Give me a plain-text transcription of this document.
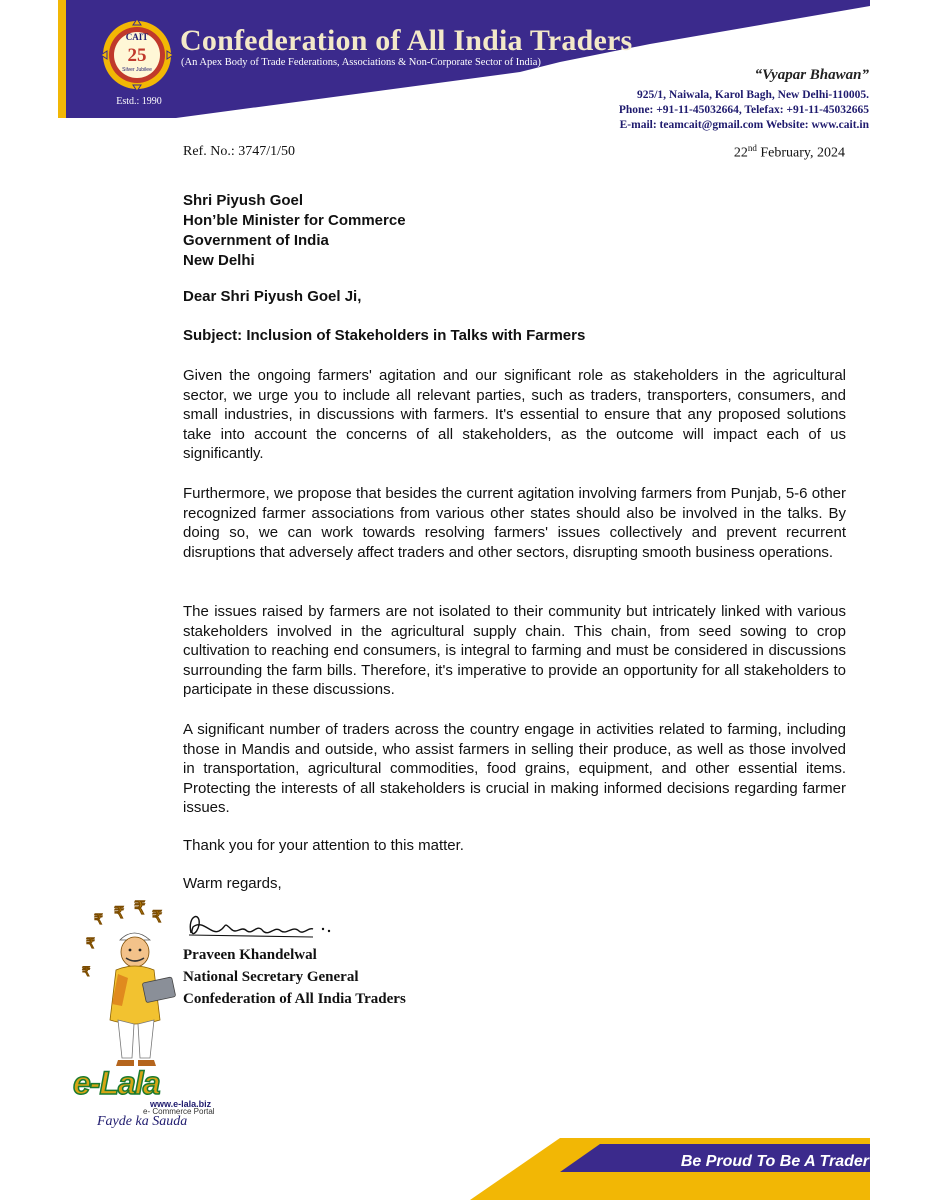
CAIT
25
Silver Jubilee
Estd.: 1990
Confederation of All India Traders
(An Apex Body of Trade Federations, Associations & Non-Corporate Sector of India)
“Vyapar Bhawan”
925/1, Naiwala, Karol Bagh, New Delhi-110005.
Phone: +91-11-45032664, Telefax: +91-11-45032665
E-mail: teamcait@gmail.com Website: www.cait.in
Ref. No.: 3747/1/50	22nd February, 2024
Shri Piyush Goel
Hon’ble Minister for Commerce
Government of India
New Delhi
Dear Shri Piyush Goel Ji,
Subject: Inclusion of Stakeholders in Talks with Farmers
Given the ongoing farmers' agitation and our significant role as stakeholders in the agricultural sector, we urge you to include all relevant parties, such as traders, transporters, consumers, and small industries, in discussions with farmers. It's essential to ensure that any proposed solutions take into account the concerns of all stakeholders, as the outcome will impact each of us significantly.
Furthermore, we propose that besides the current agitation involving farmers from Punjab, 5-6 other recognized farmer associations from various other states should also be involved in the talks. By doing so, we can work towards resolving farmers' issues collectively and prevent recurrent disruptions that adversely affect traders and other sectors, disrupting smooth business operations.
The issues raised by farmers are not isolated to their community but intricately linked with various stakeholders involved in the agricultural supply chain. This chain, from seed sowing to crop cultivation to reaching end consumers, is integral to farming and must be considered in discussions surrounding the farm bills. Therefore, it's imperative to provide an opportunity for all stakeholders to participate in these discussions.
A significant number of traders across the country engage in activities related to farming, including those in Mandis and outside, who assist farmers in selling their produce, as well as those involved in transportation, agricultural commodities, food grains, equipment, and other essential items. Protecting the interests of all stakeholders is crucial in making informed decisions regarding farmer issues.
Thank you for your attention to this matter.
Warm regards,
Praveen Khandelwal
National Secretary General
Confederation of All India Traders
₹ ₹ ₹
₹
₹
₹
e-Lala
www.e-lala.biz
e- Commerce Portal
Fayde ka Sauda
Be Proud To Be A Trader
